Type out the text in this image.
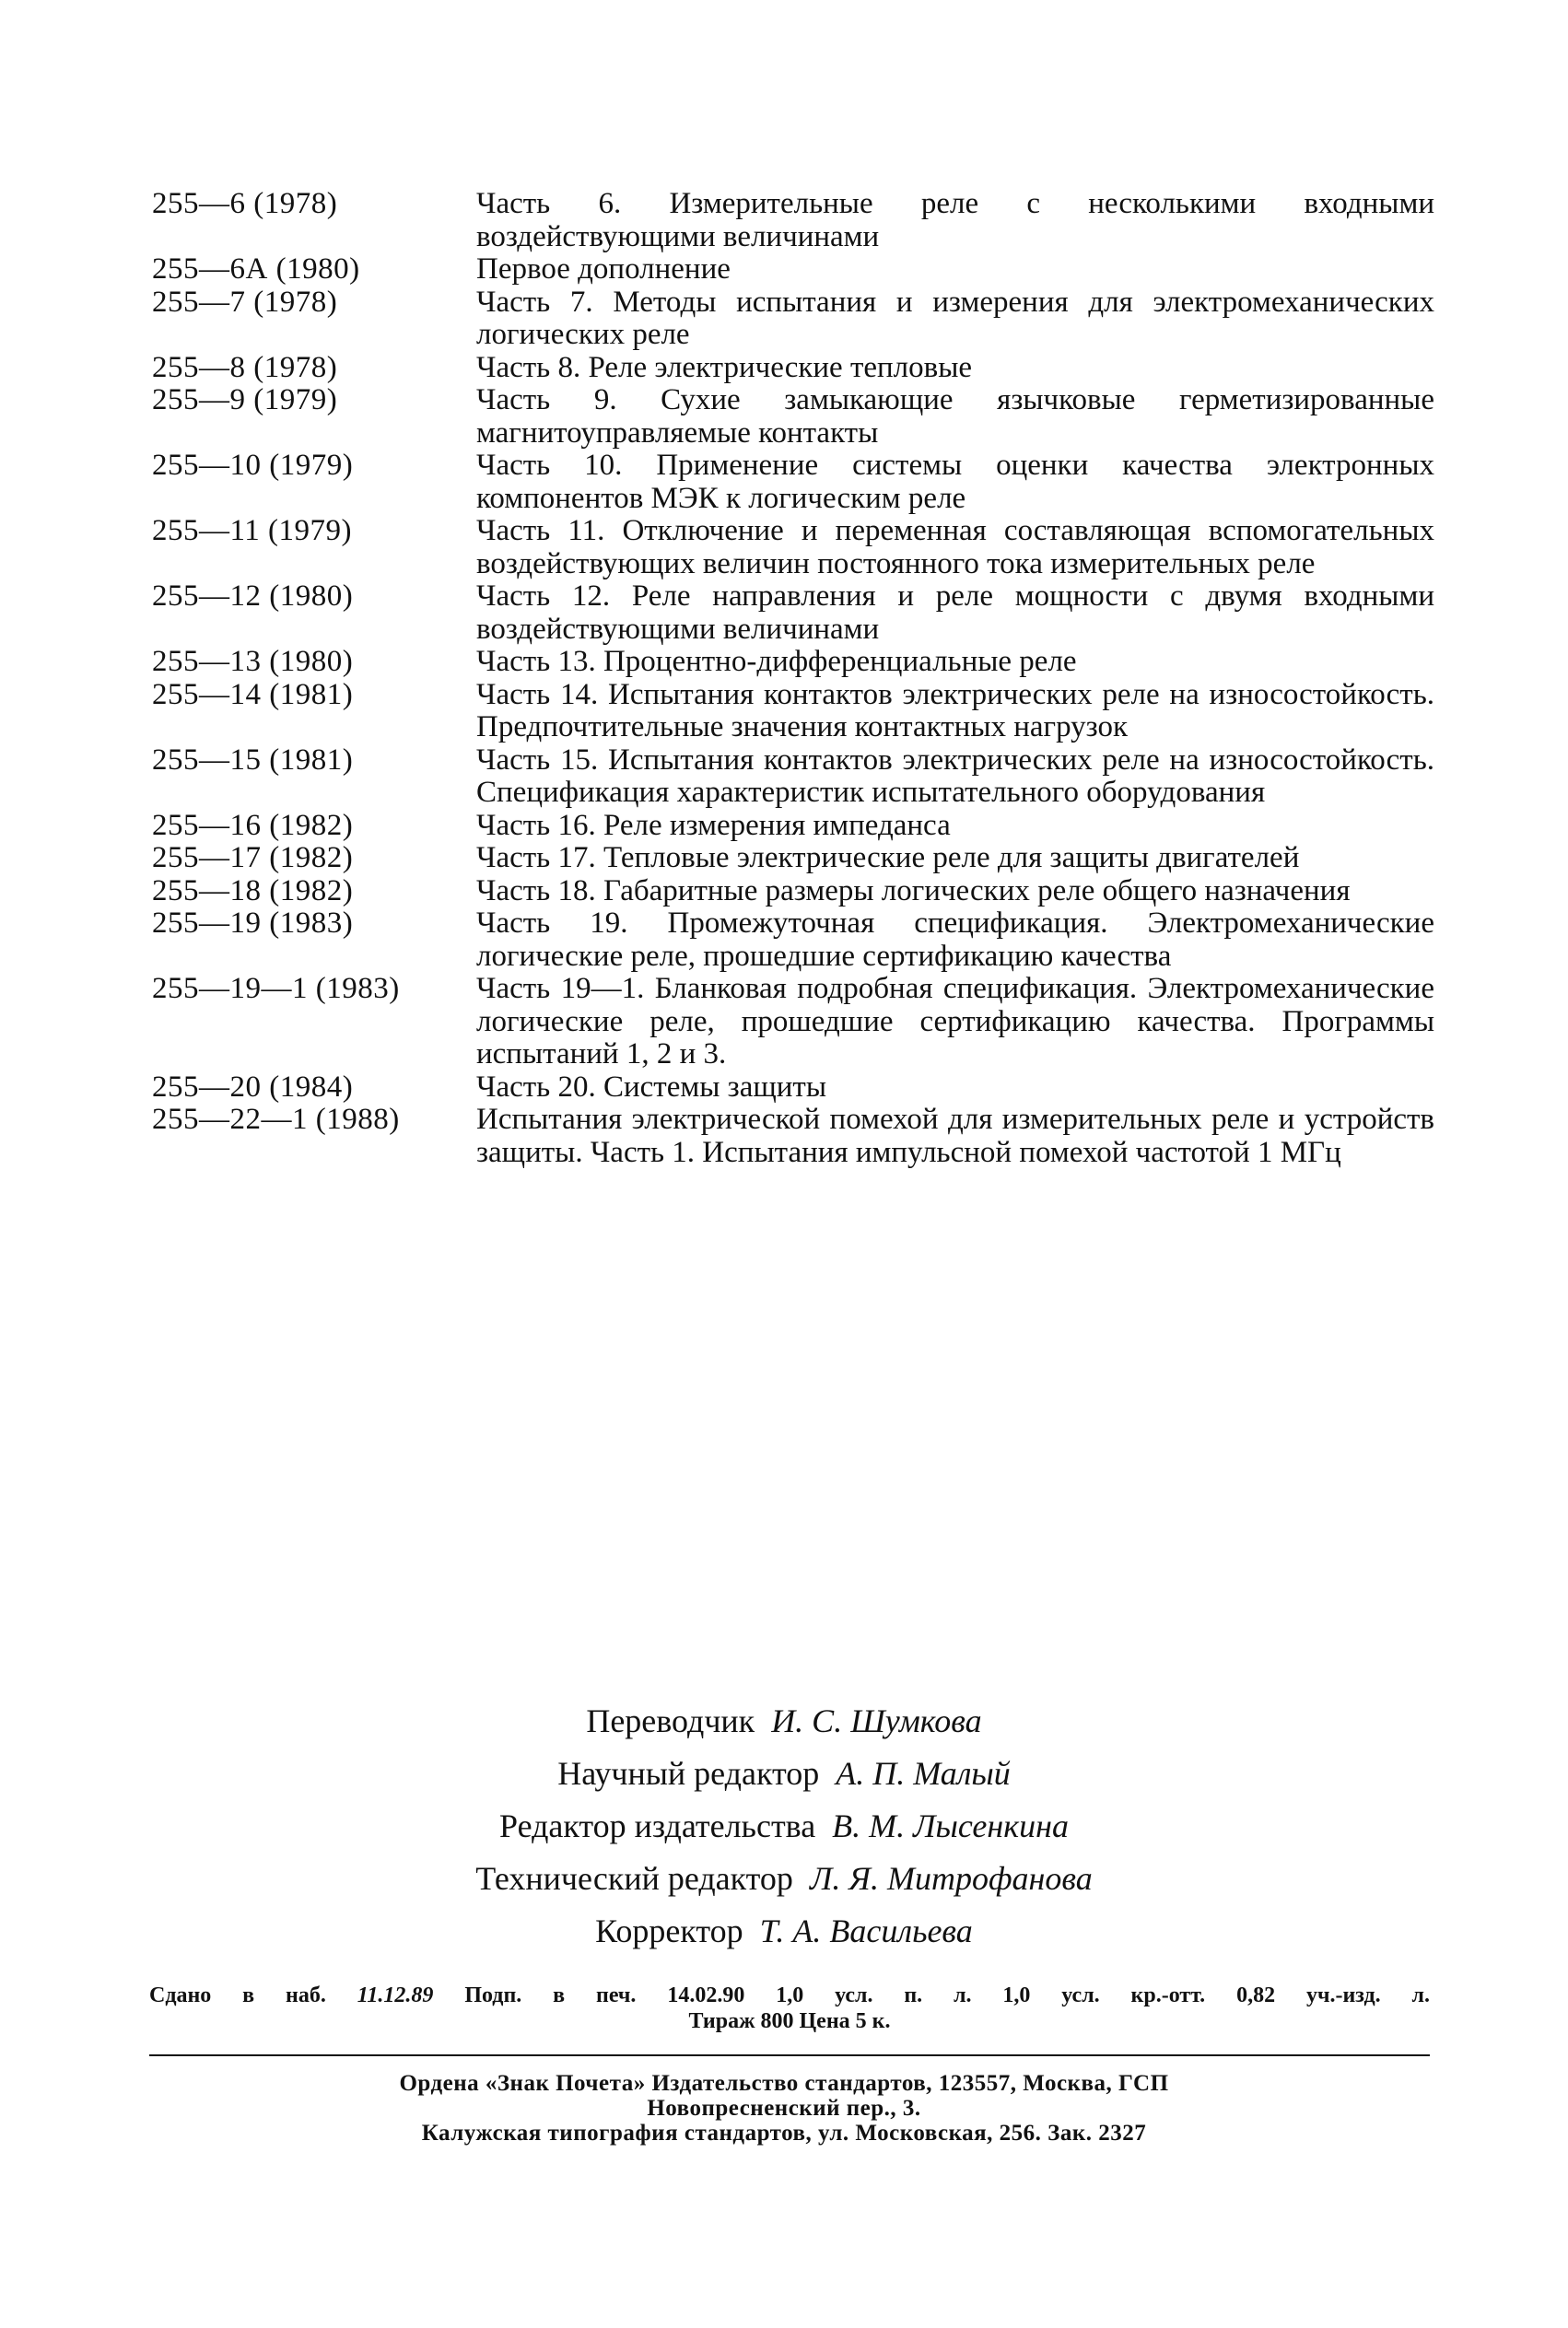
255—6 (1978)	Часть 6. Измерительные реле с несколькими входными воздействующими величинами
255—6А (1980)	Первое дополнение
255—7 (1978)	Часть 7. Методы испытания и измерения для электромеханических логических реле
255—8 (1978)	Часть 8. Реле электрические тепловые
255—9 (1979)	Часть 9. Сухие замыкающие язычковые герметизированные магнитоуправляемые контакты
255—10 (1979)	Часть 10. Применение системы оценки качества электронных компонентов МЭК к логическим реле
255—11 (1979)	Часть 11. Отключение и переменная составляющая вспомогательных воздействующих величин постоянного тока измерительных реле
255—12 (1980)	Часть 12. Реле направления и реле мощности с двумя входными воздействующими величинами
255—13 (1980)	Часть 13. Процентно-дифференциальные реле
255—14 (1981)	Часть 14. Испытания контактов электрических реле на износостойкость. Предпочтительные значения контактных нагрузок
255—15 (1981)	Часть 15. Испытания контактов электрических реле на износостойкость. Спецификация характеристик испытательного оборудования
255—16 (1982)	Часть 16. Реле измерения импеданса
255—17 (1982)	Часть 17. Тепловые электрические реле для защиты двигателей
255—18 (1982)	Часть 18. Габаритные размеры логических реле общего назначения
255—19 (1983)	Часть 19. Промежуточная спецификация. Электромеханические логические реле, прошедшие сертификацию качества
255—19—1 (1983)	Часть 19—1. Бланковая подробная спецификация. Электромеханические логические реле, прошедшие сертификацию качества. Программы испытаний 1, 2 и 3.
255—20 (1984)	Часть 20. Системы защиты
255—22—1 (1988)	Испытания электрической помехой для измерительных реле и устройств защиты. Часть 1. Испытания импульсной помехой частотой 1 МГц
Переводчик И. С. Шумкова
Научный редактор А. П. Малый
Редактор издательства В. М. Лысенкина
Технический редактор Л. Я. Митрофанова
Корректор Т. А. Васильева
Сдано в наб. 11.12.89 Подп. в печ. 14.02.90 1,0 усл. п. л. 1,0 усл. кр.-отт. 0,82 уч.-изд. л.
Тираж 800 Цена 5 к.
Ордена «Знак Почета» Издательство стандартов, 123557, Москва, ГСП
Новопресненский пер., 3.
Калужская типография стандартов, ул. Московская, 256. Зак. 2327
